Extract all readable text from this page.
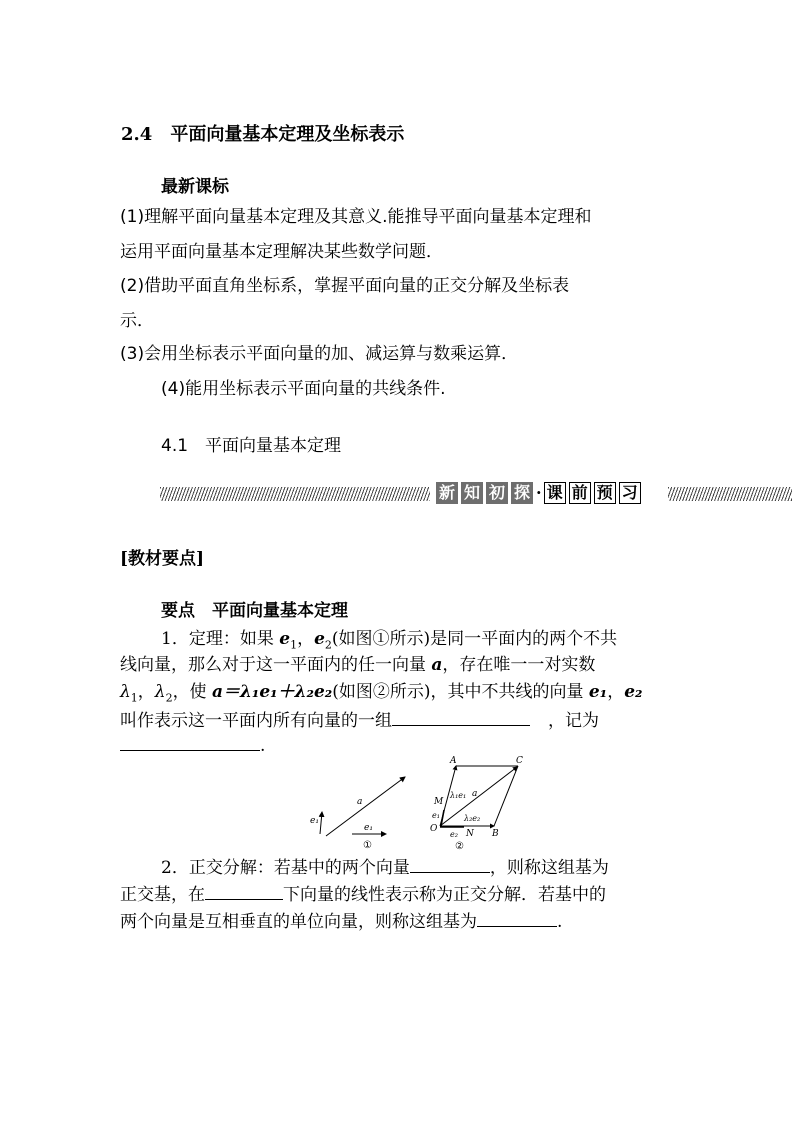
2.4　平面向量基本定理及坐标表示
最新课标
(1)理解平面向量基本定理及其意义.能推导平面向量基本定理和
运用平面向量基本定理解决某些数学问题．
(2)借助平面直角坐标系，掌握平面向量的正交分解及坐标表
示．
(3)会用坐标表示平面向量的加、减运算与数乘运算．
(4)能用坐标表示平面向量的共线条件.
4.1　平面向量基本定理
新 知 初 探 · 课 前 预 习
[教材要点]
要点　平面向量基本定理
1．定理：如果 $e_1$，$e_2$(如图①所示)是同一平面内的两个不共
线向量，那么对于这一平面内的任一向量 a，存在唯一一对实数
$\lambda_1$，$\lambda_2$，使 a＝λ₁e₁＋λ₂e₂(如图②所示)，其中不共线的向量 e₁，e₂
叫作表示这一平面内所有向量的一组	，记为
.
e₁
a
e₁
①
A	C
M
O	N B
λ₁e₁ a
λ₂e₂
e₁
e₂
②
2．正交分解：若基中的两个向量	，则称这组基为
正交基，在	下向量的线性表示称为正交分解．若基中的
两个向量是互相垂直的单位向量，则称这组基为	.
